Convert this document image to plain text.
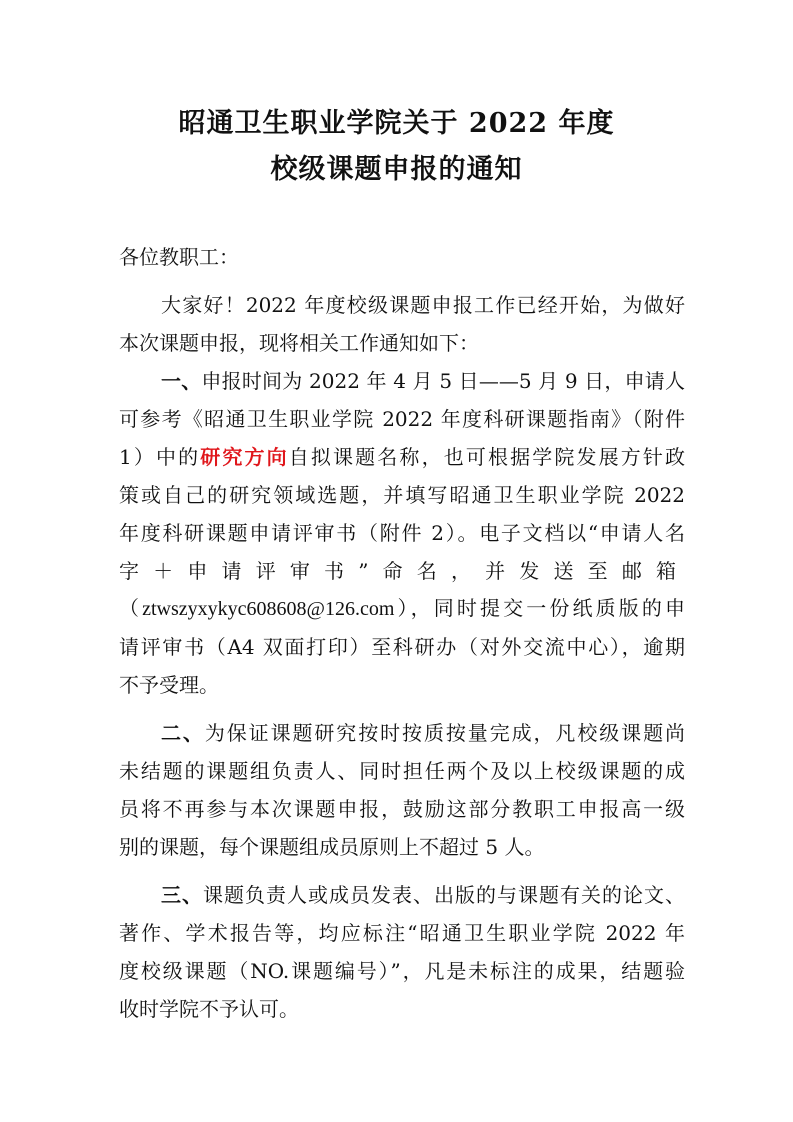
昭通卫生职业学院关于 2022 年度
校级课题申报的通知
各位教职工：
大家好！2022 年度校级课题申报工作已经开始，为做好
本次课题申报，现将相关工作通知如下：
一、申报时间为 2022 年 4 月 5 日——5 月 9 日，申请人
可参考《昭通卫生职业学院 2022 年度科研课题指南》（附件
1）中的研究方向自拟课题名称，也可根据学院发展方针政
策或自己的研究领域选题，并填写昭通卫生职业学院 2022
年度科研课题申请评审书（附件 2）。电子文档以“申请人名
字＋申请评审书”命名，并发送至邮箱
（ztwszyxykyc608608@126.com），同时提交一份纸质版的申
请评审书（A4 双面打印）至科研办（对外交流中心），逾期
不予受理。
二、为保证课题研究按时按质按量完成，凡校级课题尚
未结题的课题组负责人、同时担任两个及以上校级课题的成
员将不再参与本次课题申报，鼓励这部分教职工申报高一级
别的课题，每个课题组成员原则上不超过 5 人。
三、课题负责人或成员发表、出版的与课题有关的论文、
著作、学术报告等，均应标注“昭通卫生职业学院 2022 年
度校级课题（NO.课题编号）”，凡是未标注的成果，结题验
收时学院不予认可。
